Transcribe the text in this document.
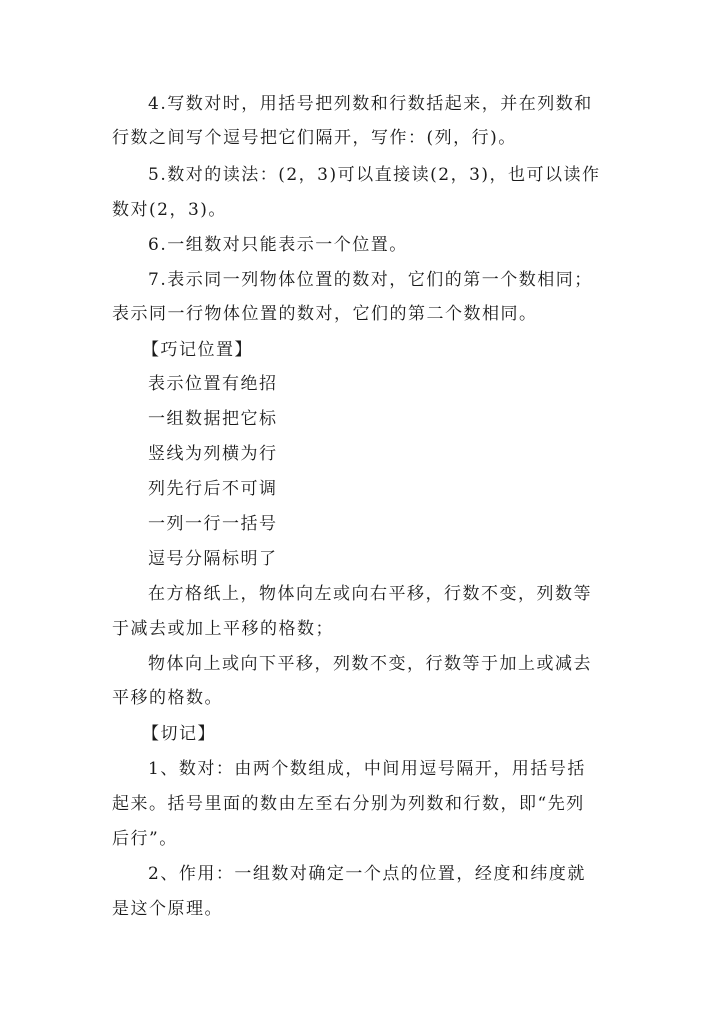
4.写数对时，用括号把列数和行数括起来，并在列数和
行数之间写个逗号把它们隔开，写作：(列，行)。
5.数对的读法：(2，3)可以直接读(2，3)，也可以读作
数对(2，3)。
6.一组数对只能表示一个位置。
7.表示同一列物体位置的数对，它们的第一个数相同；
表示同一行物体位置的数对，它们的第二个数相同。
【巧记位置】
表示位置有绝招
一组数据把它标
竖线为列横为行
列先行后不可调
一列一行一括号
逗号分隔标明了
在方格纸上，物体向左或向右平移，行数不变，列数等
于减去或加上平移的格数；
物体向上或向下平移，列数不变，行数等于加上或减去
平移的格数。
【切记】
1、数对：由两个数组成，中间用逗号隔开，用括号括
起来。括号里面的数由左至右分别为列数和行数，即“先列
后行”。
2、作用：一组数对确定一个点的位置，经度和纬度就
是这个原理。
